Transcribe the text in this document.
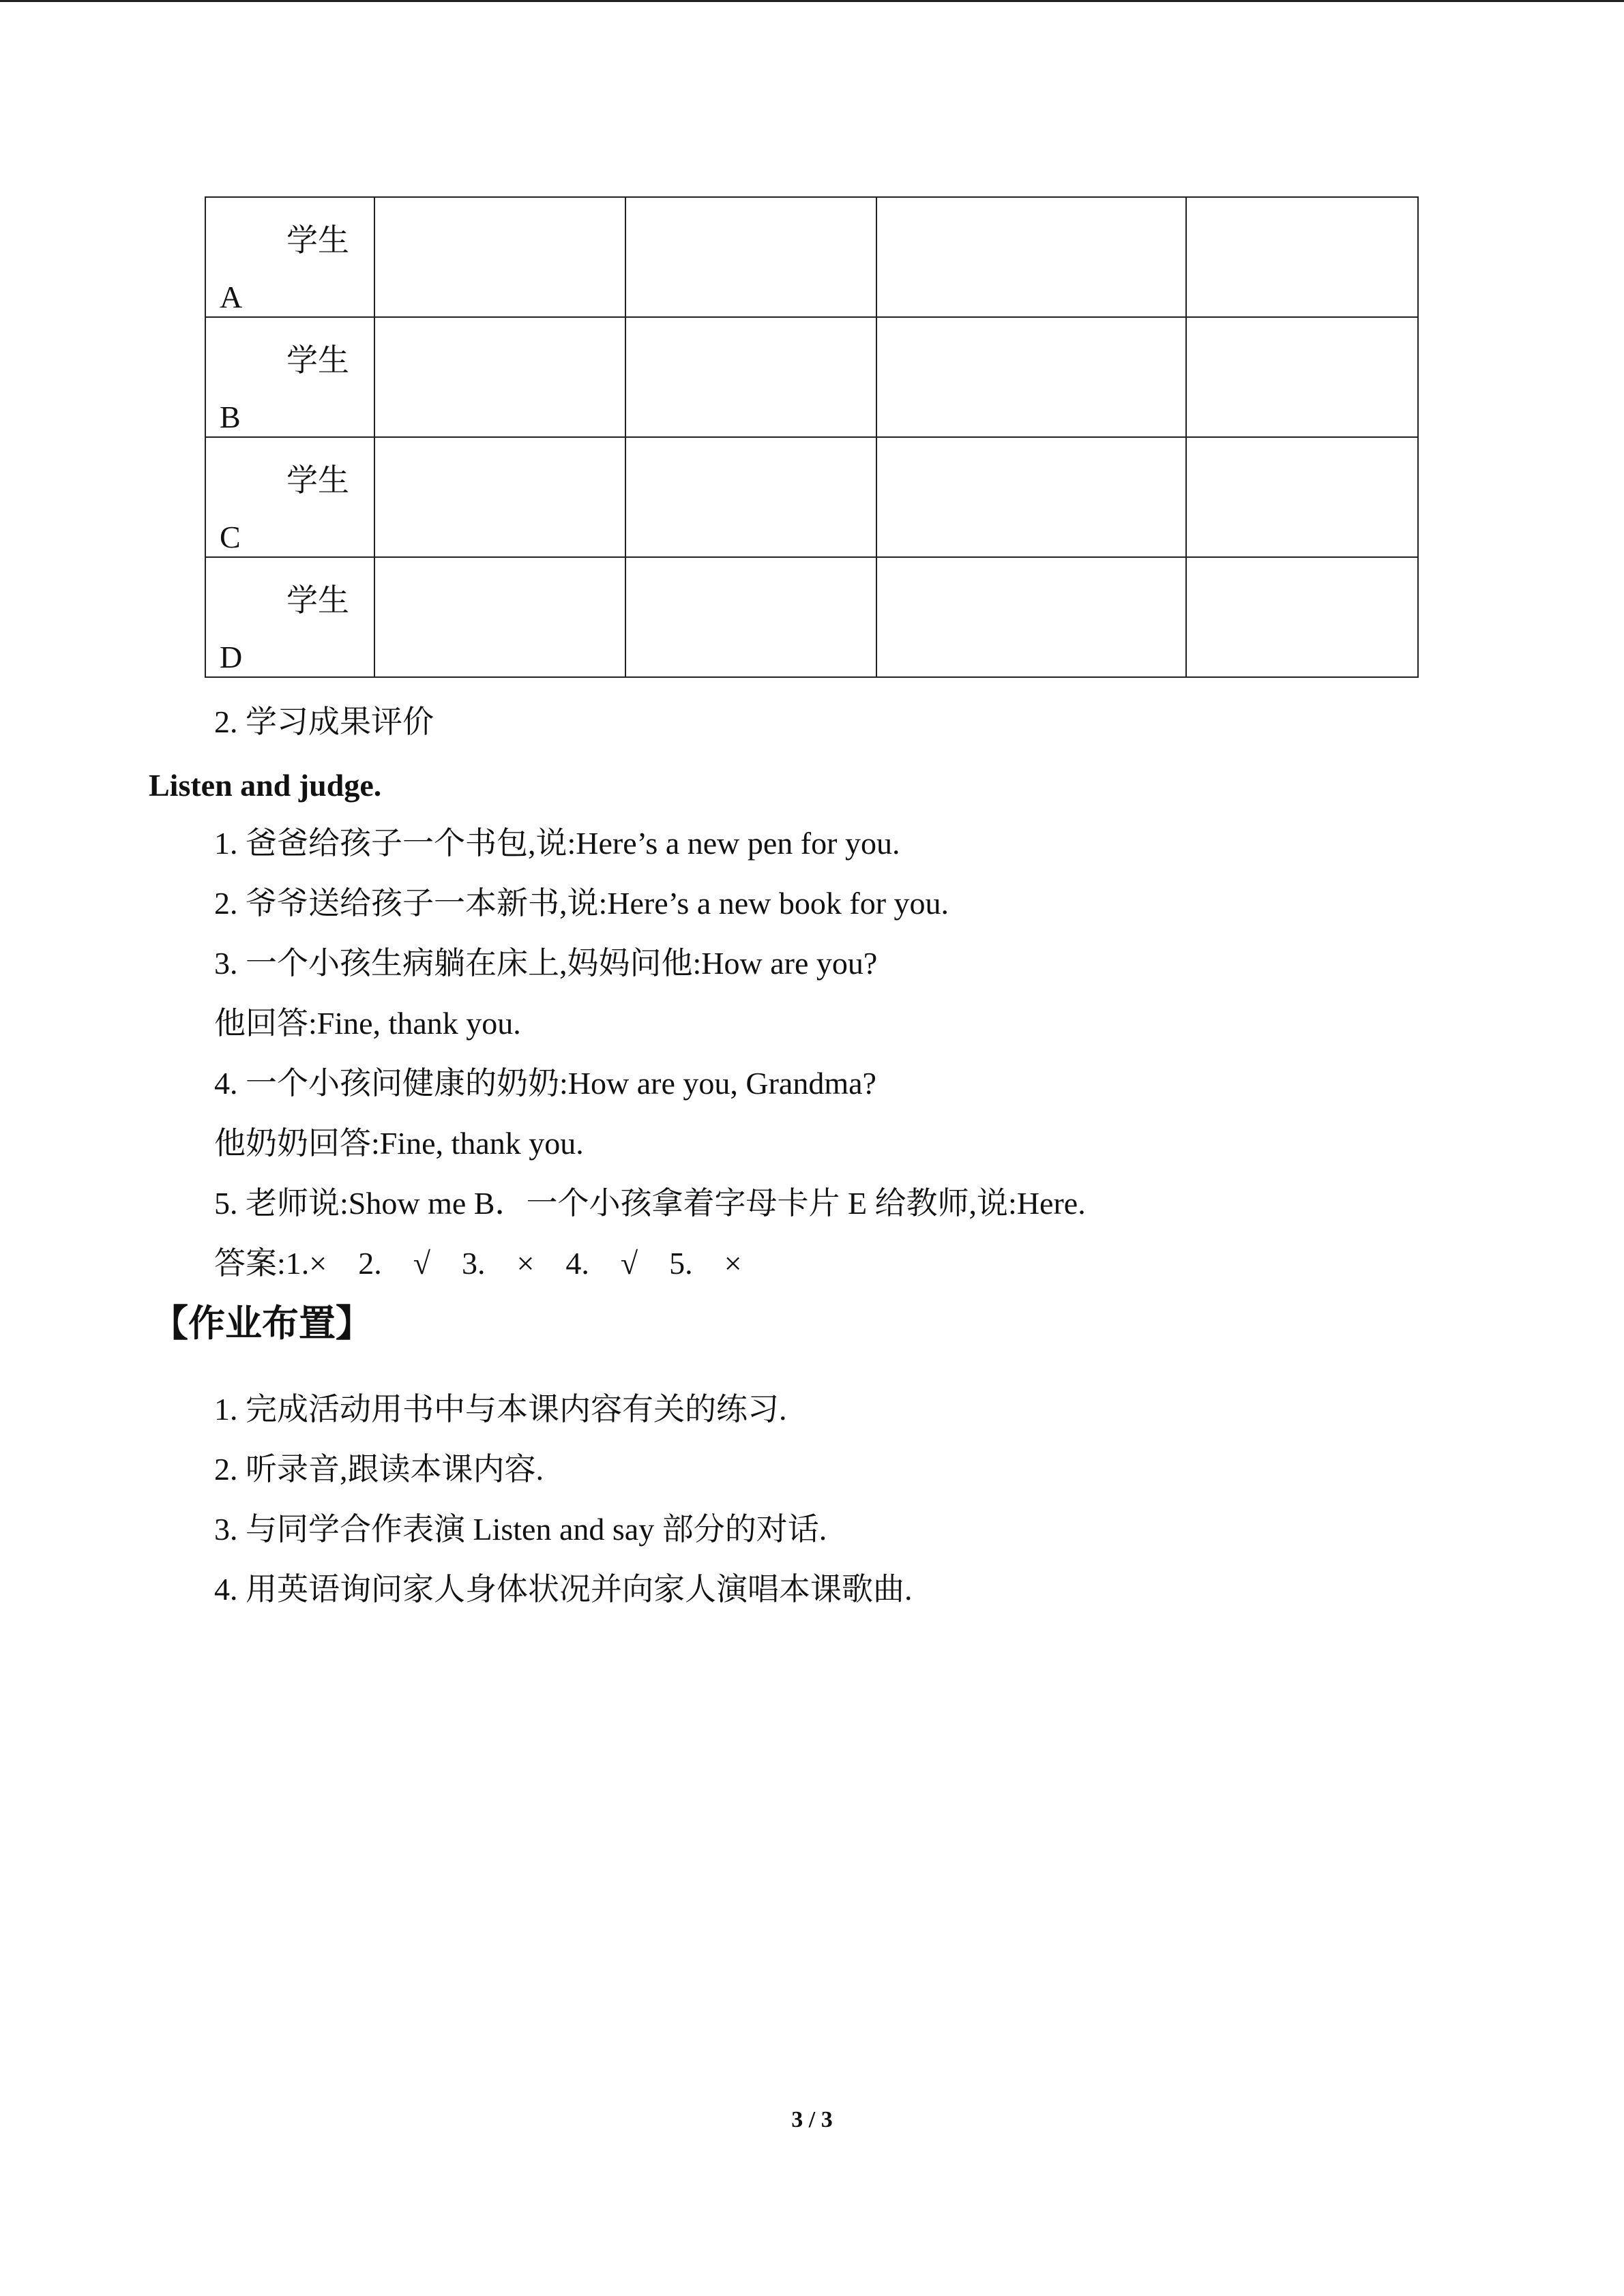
学生
A				

学生
B				

学生
C				

学生
D				

2. 学习成果评价
Listen and judge.
1. 爸爸给孩子一个书包,说:Here’s a new pen for you.
2. 爷爷送给孩子一本新书,说:Here’s a new book for you.
3. 一个小孩生病躺在床上,妈妈问他:How are you?
他回答:Fine, thank you.
4. 一个小孩问健康的奶奶:How are you, Grandma?
他奶奶回答:Fine, thank you.
5. 老师说:Show me B．一个小孩拿着字母卡片 E 给教师,说:Here.
答案:1.×　2.　√　3.　×　4.　√　5.　×
【作业布置】
1. 完成活动用书中与本课内容有关的练习.
2. 听录音,跟读本课内容.
3. 与同学合作表演 Listen and say 部分的对话.
4. 用英语询问家人身体状况并向家人演唱本课歌曲.
3 / 3
